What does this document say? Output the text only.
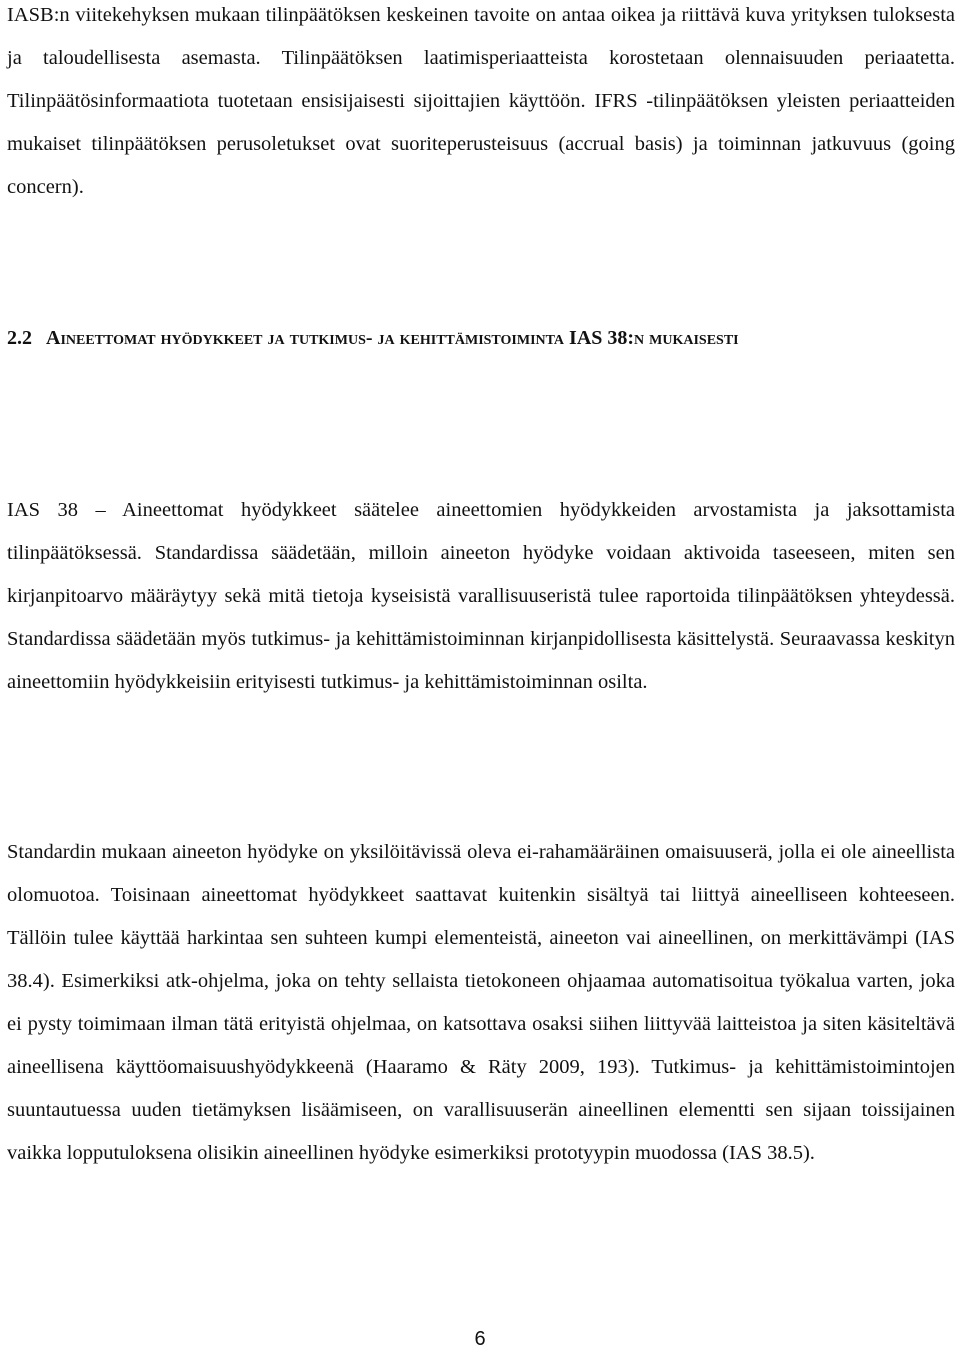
IASB:n viitekehyksen mukaan tilinpäätöksen keskeinen tavoite on antaa oikea ja riittävä kuva yrityksen tuloksesta ja taloudellisesta asemasta. Tilinpäätöksen laatimisperiaatteista korostetaan olennaisuuden periaatetta. Tilinpäätösinformaatiota tuotetaan ensisijaisesti sijoittajien käyttöön. IFRS -tilinpäätöksen yleisten periaatteiden mukaiset tilinpäätöksen perusoletukset ovat suoriteperusteisuus (accrual basis) ja toiminnan jatkuvuus (going concern).

2.2 Aineettomat hyödykkeet ja tutkimus- ja kehittämistoiminta IAS 38:n mukaisesti

IAS 38 – Aineettomat hyödykkeet säätelee aineettomien hyödykkeiden arvostamista ja jaksottamista tilinpäätöksessä. Standardissa säädetään, milloin aineeton hyödyke voidaan aktivoida taseeseen, miten sen kirjanpitoarvo määräytyy sekä mitä tietoja kyseisistä varallisuuseristä tulee raportoida tilinpäätöksen yhteydessä. Standardissa säädetään myös tutkimus- ja kehittämistoiminnan kirjanpidollisesta käsittelystä. Seuraavassa keskityn aineettomiin hyödykkeisiin erityisesti tutkimus- ja kehittämistoiminnan osilta.

Standardin mukaan aineeton hyödyke on yksilöitävissä oleva ei-rahamääräinen omaisuuserä, jolla ei ole aineellista olomuotoa. Toisinaan aineettomat hyödykkeet saattavat kuitenkin sisältyä tai liittyä aineelliseen kohteeseen. Tällöin tulee käyttää harkintaa sen suhteen kumpi elementeistä, aineeton vai aineellinen, on merkittävämpi (IAS 38.4). Esimerkiksi atk-ohjelma, joka on tehty sellaista tietokoneen ohjaamaa automatisoitua työkalua varten, joka ei pysty toimimaan ilman tätä erityistä ohjelmaa, on katsottava osaksi siihen liittyvää laitteistoa ja siten käsiteltävä aineellisena käyttöomaisuushyödykkeenä (Haaramo & Räty 2009, 193). Tutkimus- ja kehittämistoimintojen suuntautuessa uuden tietämyksen lisäämiseen, on varallisuuserän aineellinen elementti sen sijaan toissijainen vaikka lopputuloksena olisikin aineellinen hyödyke esimerkiksi prototyypin muodossa (IAS 38.5).

6
